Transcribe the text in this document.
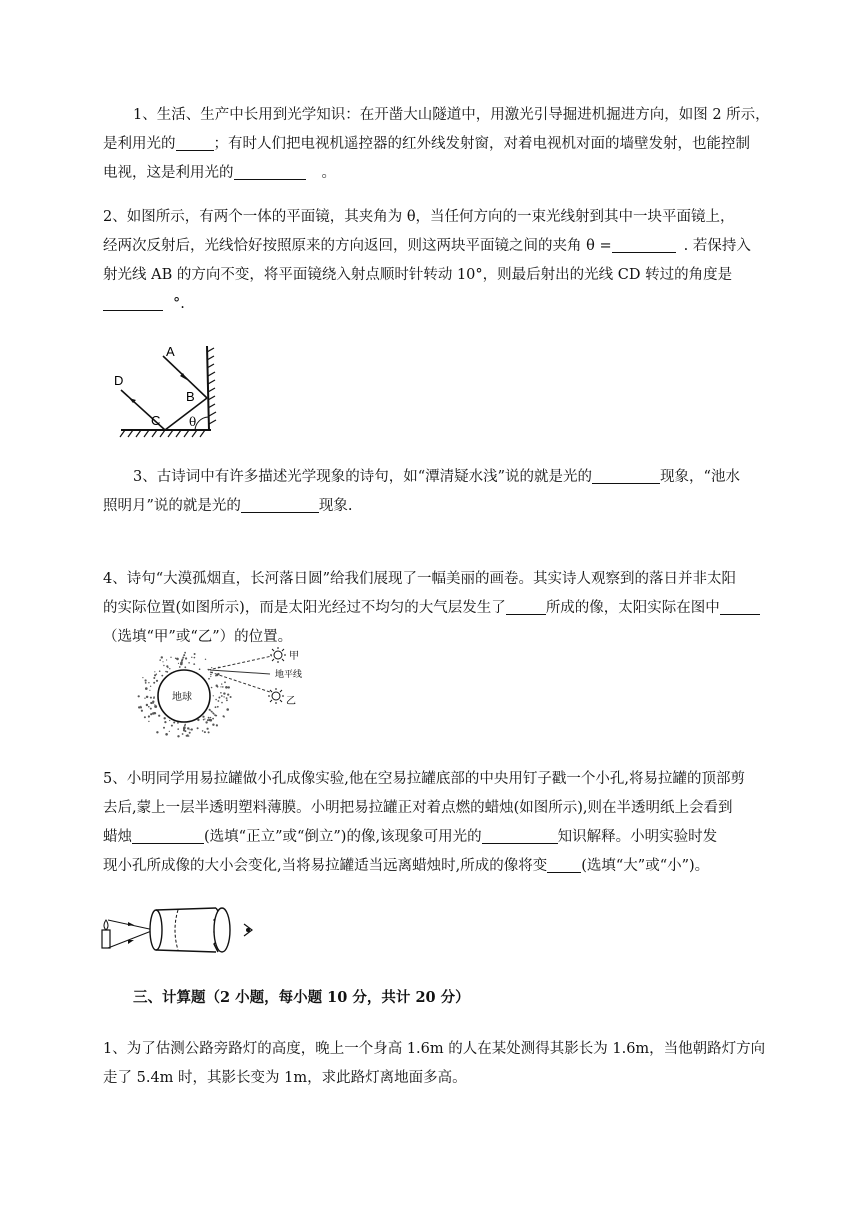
1、生活、生产中长用到光学知识：在开凿大山隧道中，用激光引导掘进机掘进方向，如图 2 所示，
是利用光的	；有时人们把电视机遥控器的红外线发射窗，对着电视机对面的墙壁发射，也能控制
电视，这是利用光的	。
2、如图所示，有两个一体的平面镜，其夹角为 θ，当任何方向的一束光线射到其中一块平面镜上，
经两次反射后，光线恰好按照原来的方向返回，则这两块平面镜之间的夹角 θ =	. 若保持入
射光线 AB 的方向不变，将平面镜绕入射点顺时针转动 10°，则最后射出的光线 CD 转过的角度是
°.
A
B
C
D
θ
3、古诗词中有许多描述光学现象的诗句，如“潭清疑水浅”说的就是光的	现象，“池水
照明月”说的就是光的	现象.
4、诗句“大漠孤烟直，长河落日圆”给我们展现了一幅美丽的画卷。其实诗人观察到的落日并非太阳
的实际位置(如图所示)，而是太阳光经过不均匀的大气层发生了	所成的像，太阳实际在图中
（选填“甲”或“乙”）的位置。
地球
甲
地平线
乙
5、小明同学用易拉罐做小孔成像实验,他在空易拉罐底部的中央用钉子戳一个小孔,将易拉罐的顶部剪
去后,蒙上一层半透明塑料薄膜。小明把易拉罐正对着点燃的蜡烛(如图所示),则在半透明纸上会看到
蜡烛	(选填“正立”或“倒立”)的像,该现象可用光的	知识解释。小明实验时发
现小孔所成像的大小会变化,当将易拉罐适当远离蜡烛时,所成的像将变 (选填“大”或“小”)。
三、计算题（2 小题，每小题 10 分，共计 20 分）
1、为了估测公路旁路灯的高度，晚上一个身高 1.6m 的人在某处测得其影长为 1.6m，当他朝路灯方向
走了 5.4m 时，其影长变为 1m，求此路灯离地面多高。
